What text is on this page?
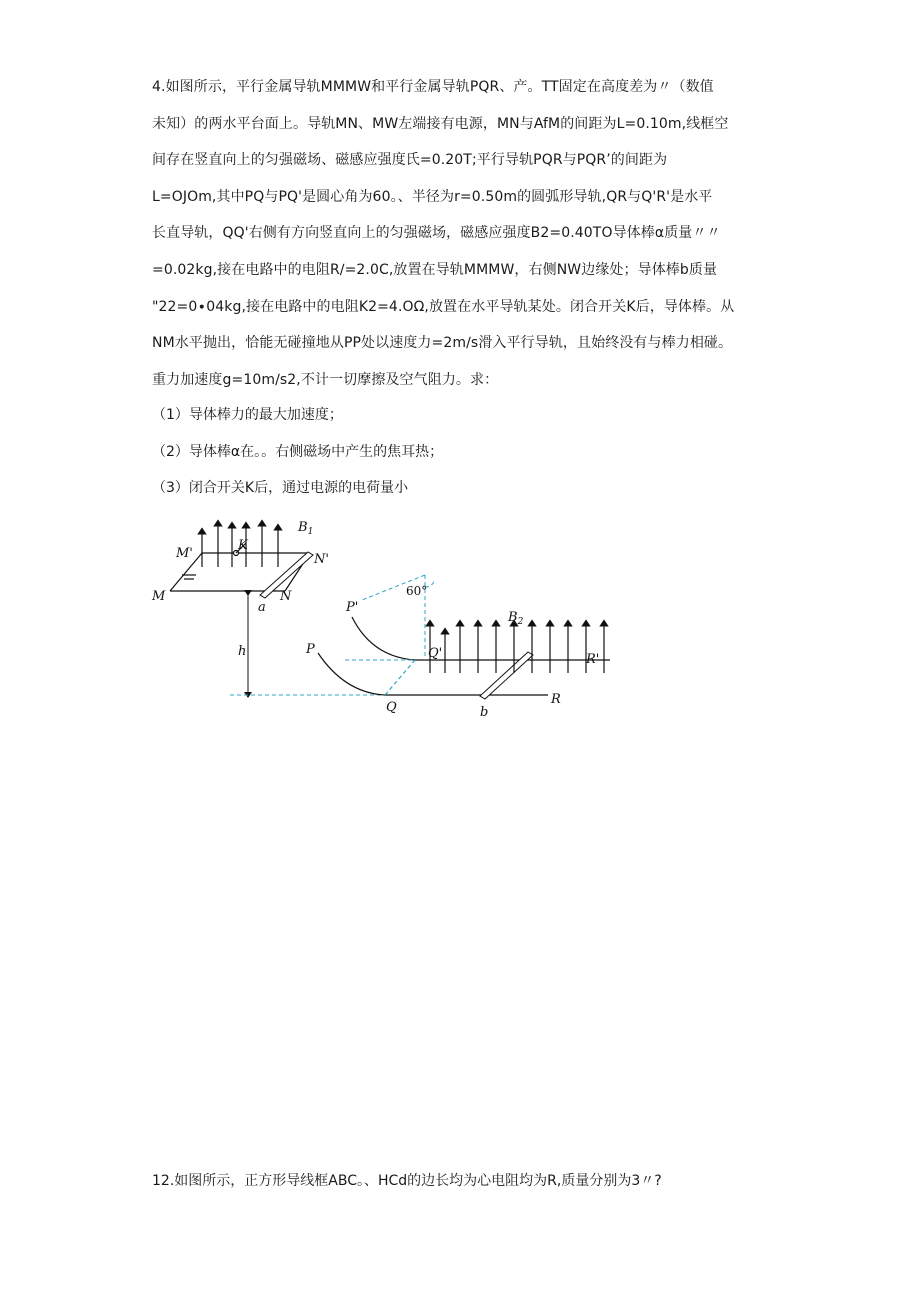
4.如图所示，平行金属导轨MMMW和平行金属导轨PQR、产。TT固定在高度差为〃（数值
未知）的两水平台面上。导轨MN、MW左端接有电源，MN与AfM的间距为L=0.10m,线框空
间存在竖直向上的匀强磁场、磁感应强度氏=0.20T;平行导轨PQR与PQR’的间距为
L=OJOm,其中PQ与PQ'是圆心角为60。、半径为r=0.50m的圆弧形导轨,QR与Q'R'是水平
长直导轨，QQ'右侧有方向竖直向上的匀强磁场，磁感应强度B2=0.40TO导体棒α质量〃〃
=0.02kg,接在电路中的电阻R∕=2.0C,放置在导轨MMMW，右侧NW边缘处；导体棒b质量
"22=0∙04kg,接在电路中的电阻K2=4.OΩ,放置在水平导轨某处。闭合开关K后，导体棒。从
NM水平抛出，恰能无碰撞地从PP处以速度力=2m∕s滑入平行导轨，且始终没有与棒力相碰。
重力加速度g=10m∕s2,不计一切摩擦及空气阻力。求：
（1）导体棒力的最大加速度；
（2）导体棒α在。。右侧磁场中产生的焦耳热；
（3）闭合开关K后，通过电源的电荷量小
$B_1$
M'
K
N'
M	N
a
h
P'
P
60°
$B_2$
Q'	R'
Q	b
R
12.如图所示，正方形导线框ABC。、HCd的边长均为心电阻均为R,质量分别为3〃?
